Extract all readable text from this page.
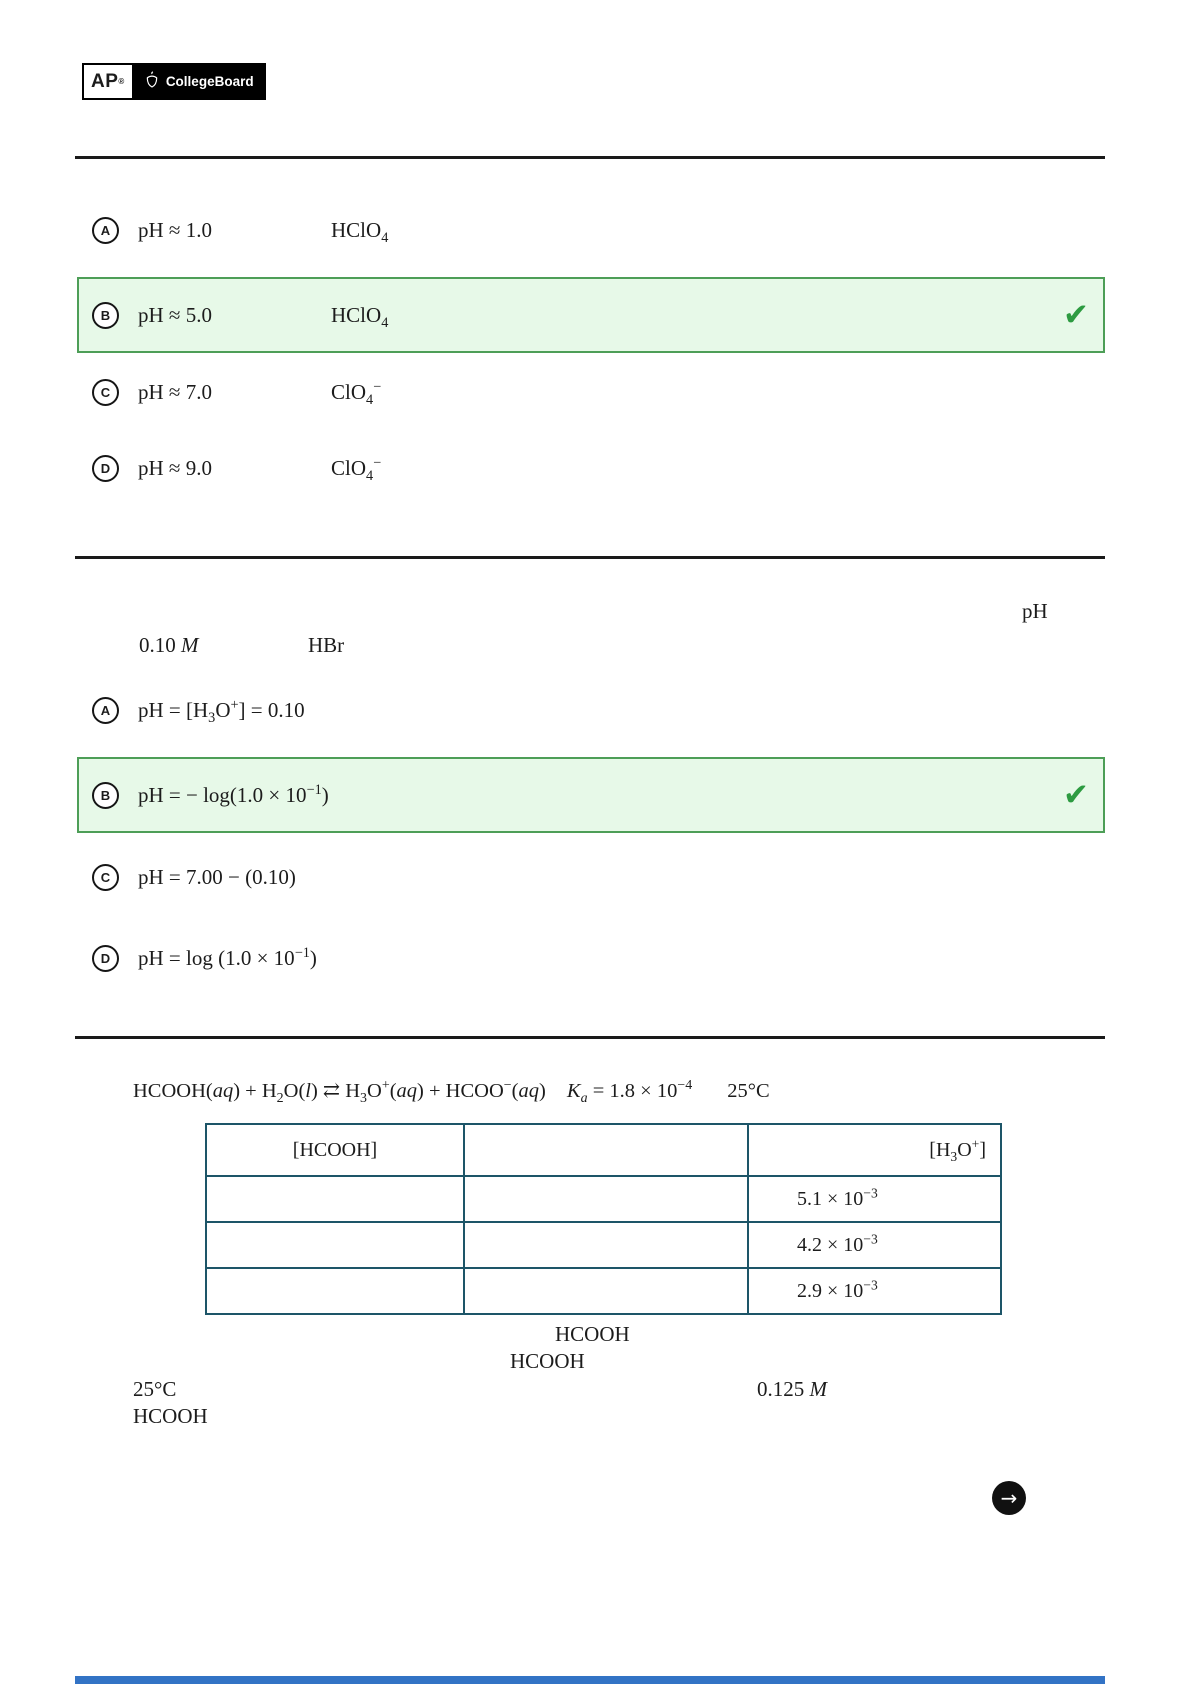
AP ®	CollegeBoard
A	pH ≈ 1.0	HClO$_4$
B	pH ≈ 5.0	HClO$_4$	✔
C	pH ≈ 7.0	ClO$_4$−
D	pH ≈ 9.0	ClO$_4$−
pH
0.10 M	HBr
A	pH = $[H_3O^+] = 0.10$
B	pH = − $\log(1.0 \times 10^{-1})$	✔
C	pH = 7.00 − (0.10)
D	pH = $\log (1.0 \times 10^{-1})$
HCOOH(aq) + $H_2O(l)$ ⇄ $H_3O^+(aq)$ + HCOO−(aq) $K_a = 1.8 \times 10^{-4}$ 25°C
[HCOOH]		$[H_3O^+]$
		$5.1 \times 10^{-3}$
		$4.2 \times 10^{-3}$
		$2.9 \times 10^{-3}$
HCOOH
HCOOH
25°C	0.125 M
HCOOH
→
